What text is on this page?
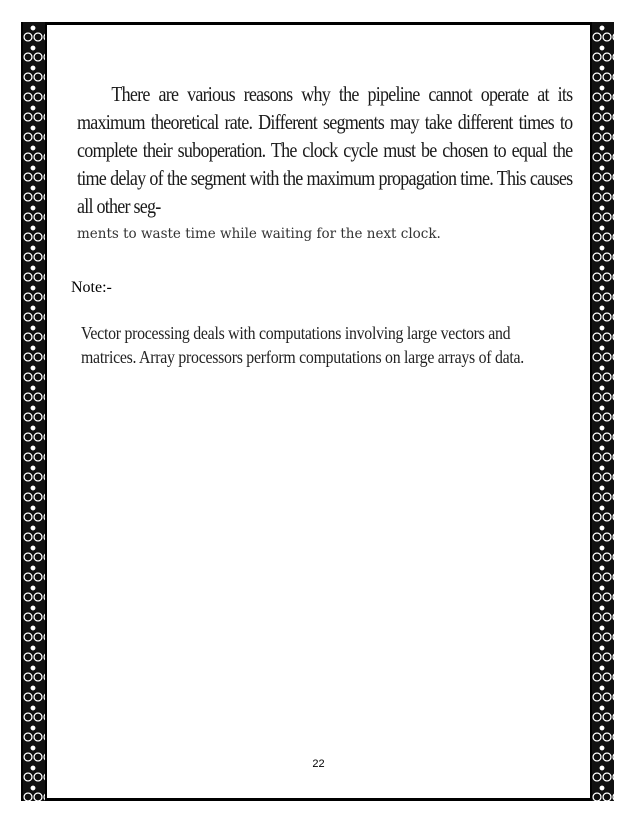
There are various reasons why the pipeline cannot operate at its maximum theoretical rate. Different segments may take different times to complete their suboperation. The clock cycle must be chosen to equal the time delay of the segment with the maximum propagation time. This causes all other seg-

ments to waste time while waiting for the next clock.

Note:-

Vector processing deals with computations involving large vectors and matrices. Array processors perform computations on large arrays of data.

22
